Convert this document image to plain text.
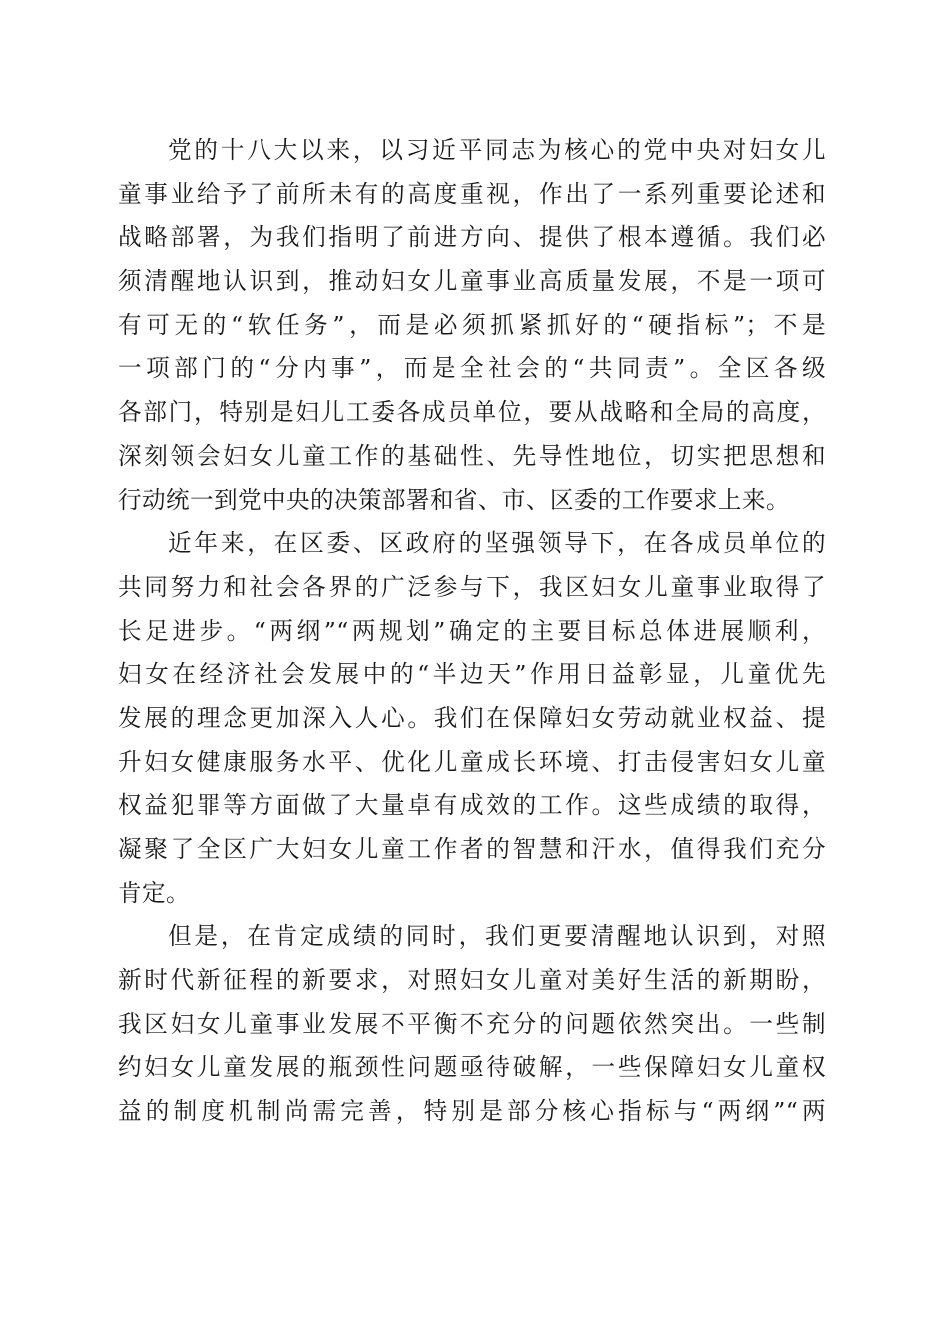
党的十八大以来，以习近平同志为核心的党中央对妇女儿
童事业给予了前所未有的高度重视，作出了一系列重要论述和
战略部署，为我们指明了前进方向、提供了根本遵循。我们必
须清醒地认识到，推动妇女儿童事业高质量发展，不是一项可
有可无的“软任务”，而是必须抓紧抓好的“硬指标”；不是
一项部门的“分内事”，而是全社会的“共同责”。全区各级
各部门，特别是妇儿工委各成员单位，要从战略和全局的高度，
深刻领会妇女儿童工作的基础性、先导性地位，切实把思想和
行动统一到党中央的决策部署和省、市、区委的工作要求上来。
近年来，在区委、区政府的坚强领导下，在各成员单位的
共同努力和社会各界的广泛参与下，我区妇女儿童事业取得了
长足进步。“两纲”“两规划”确定的主要目标总体进展顺利，
妇女在经济社会发展中的“半边天”作用日益彰显，儿童优先
发展的理念更加深入人心。我们在保障妇女劳动就业权益、提
升妇女健康服务水平、优化儿童成长环境、打击侵害妇女儿童
权益犯罪等方面做了大量卓有成效的工作。这些成绩的取得，
凝聚了全区广大妇女儿童工作者的智慧和汗水，值得我们充分
肯定。
但是，在肯定成绩的同时，我们更要清醒地认识到，对照
新时代新征程的新要求，对照妇女儿童对美好生活的新期盼，
我区妇女儿童事业发展不平衡不充分的问题依然突出。一些制
约妇女儿童发展的瓶颈性问题亟待破解，一些保障妇女儿童权
益的制度机制尚需完善，特别是部分核心指标与“两纲”“两
